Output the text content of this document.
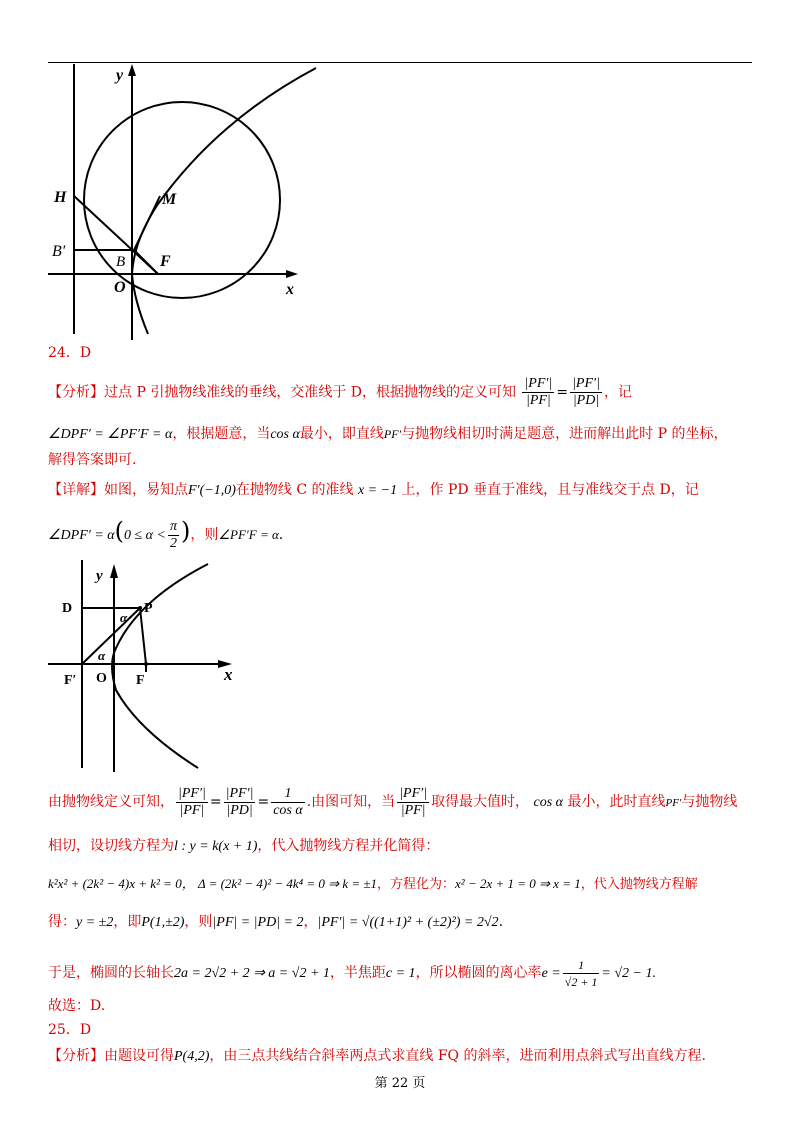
y
H	M
B′
B F
O	x
24．D
【分析】过点 P 引抛物线准线的垂线，交准线于 D，根据抛物线的定义可知 $\frac{|PF'|}{|PF|} = \frac{|PF'|}{|PD|}$ ，记
∠DPF′ = ∠PF′F = α，根据题意，当cos α最小，即直线PF′与抛物线相切时满足题意，进而解出此时 P 的坐标，
解得答案即可.
【详解】如图，易知点F′(−1,0)在抛物线 C 的准线 x = −1 上，作 PD 垂直于准线，且与准线交于点 D，记
∠DPF′ = $\alpha(0 \le \alpha < \frac{\pi}{2}$ )，则∠PF′F = α.
y
D	P
α
α
F′ O F	x
由抛物线定义可知， $\frac{|PF'|}{|PF|} = \frac{|PF'|}{|PD|} = \frac{1}{\text{cos α}}$ .由图可知，当 $\frac{|PF'|}{|PF|}$ 取得最大值时， cos α 最小，此时直线PF′与抛物线
相切，设切线方程为l : y = k(x + 1)，代入抛物线方程并化简得：
k²x² + (2k² − 4)x + k² = 0， Δ = (2k² − 4)² − 4k⁴ = 0 ⇒ k = ±1，方程化为：x² − 2x + 1 = 0 ⇒ x = 1，代入抛物线方程解
得：y = ±2，即P(1,±2)，则|PF| = |PD| = 2，|PF′| = √((1+1)² + (±2)²) = 2√2.
于是，椭圆的长轴长2a = 2√2 + 2 ⇒ a = √2 + 1，半焦距c = 1，所以椭圆的离心率$e = \frac{1}{√2 + 1} = √2 - 1$.
故选：D.
25．D
【分析】由题设可得P(4,2)，由三点共线结合斜率两点式求直线 FQ 的斜率，进而利用点斜式写出直线方程.
第 22 页
